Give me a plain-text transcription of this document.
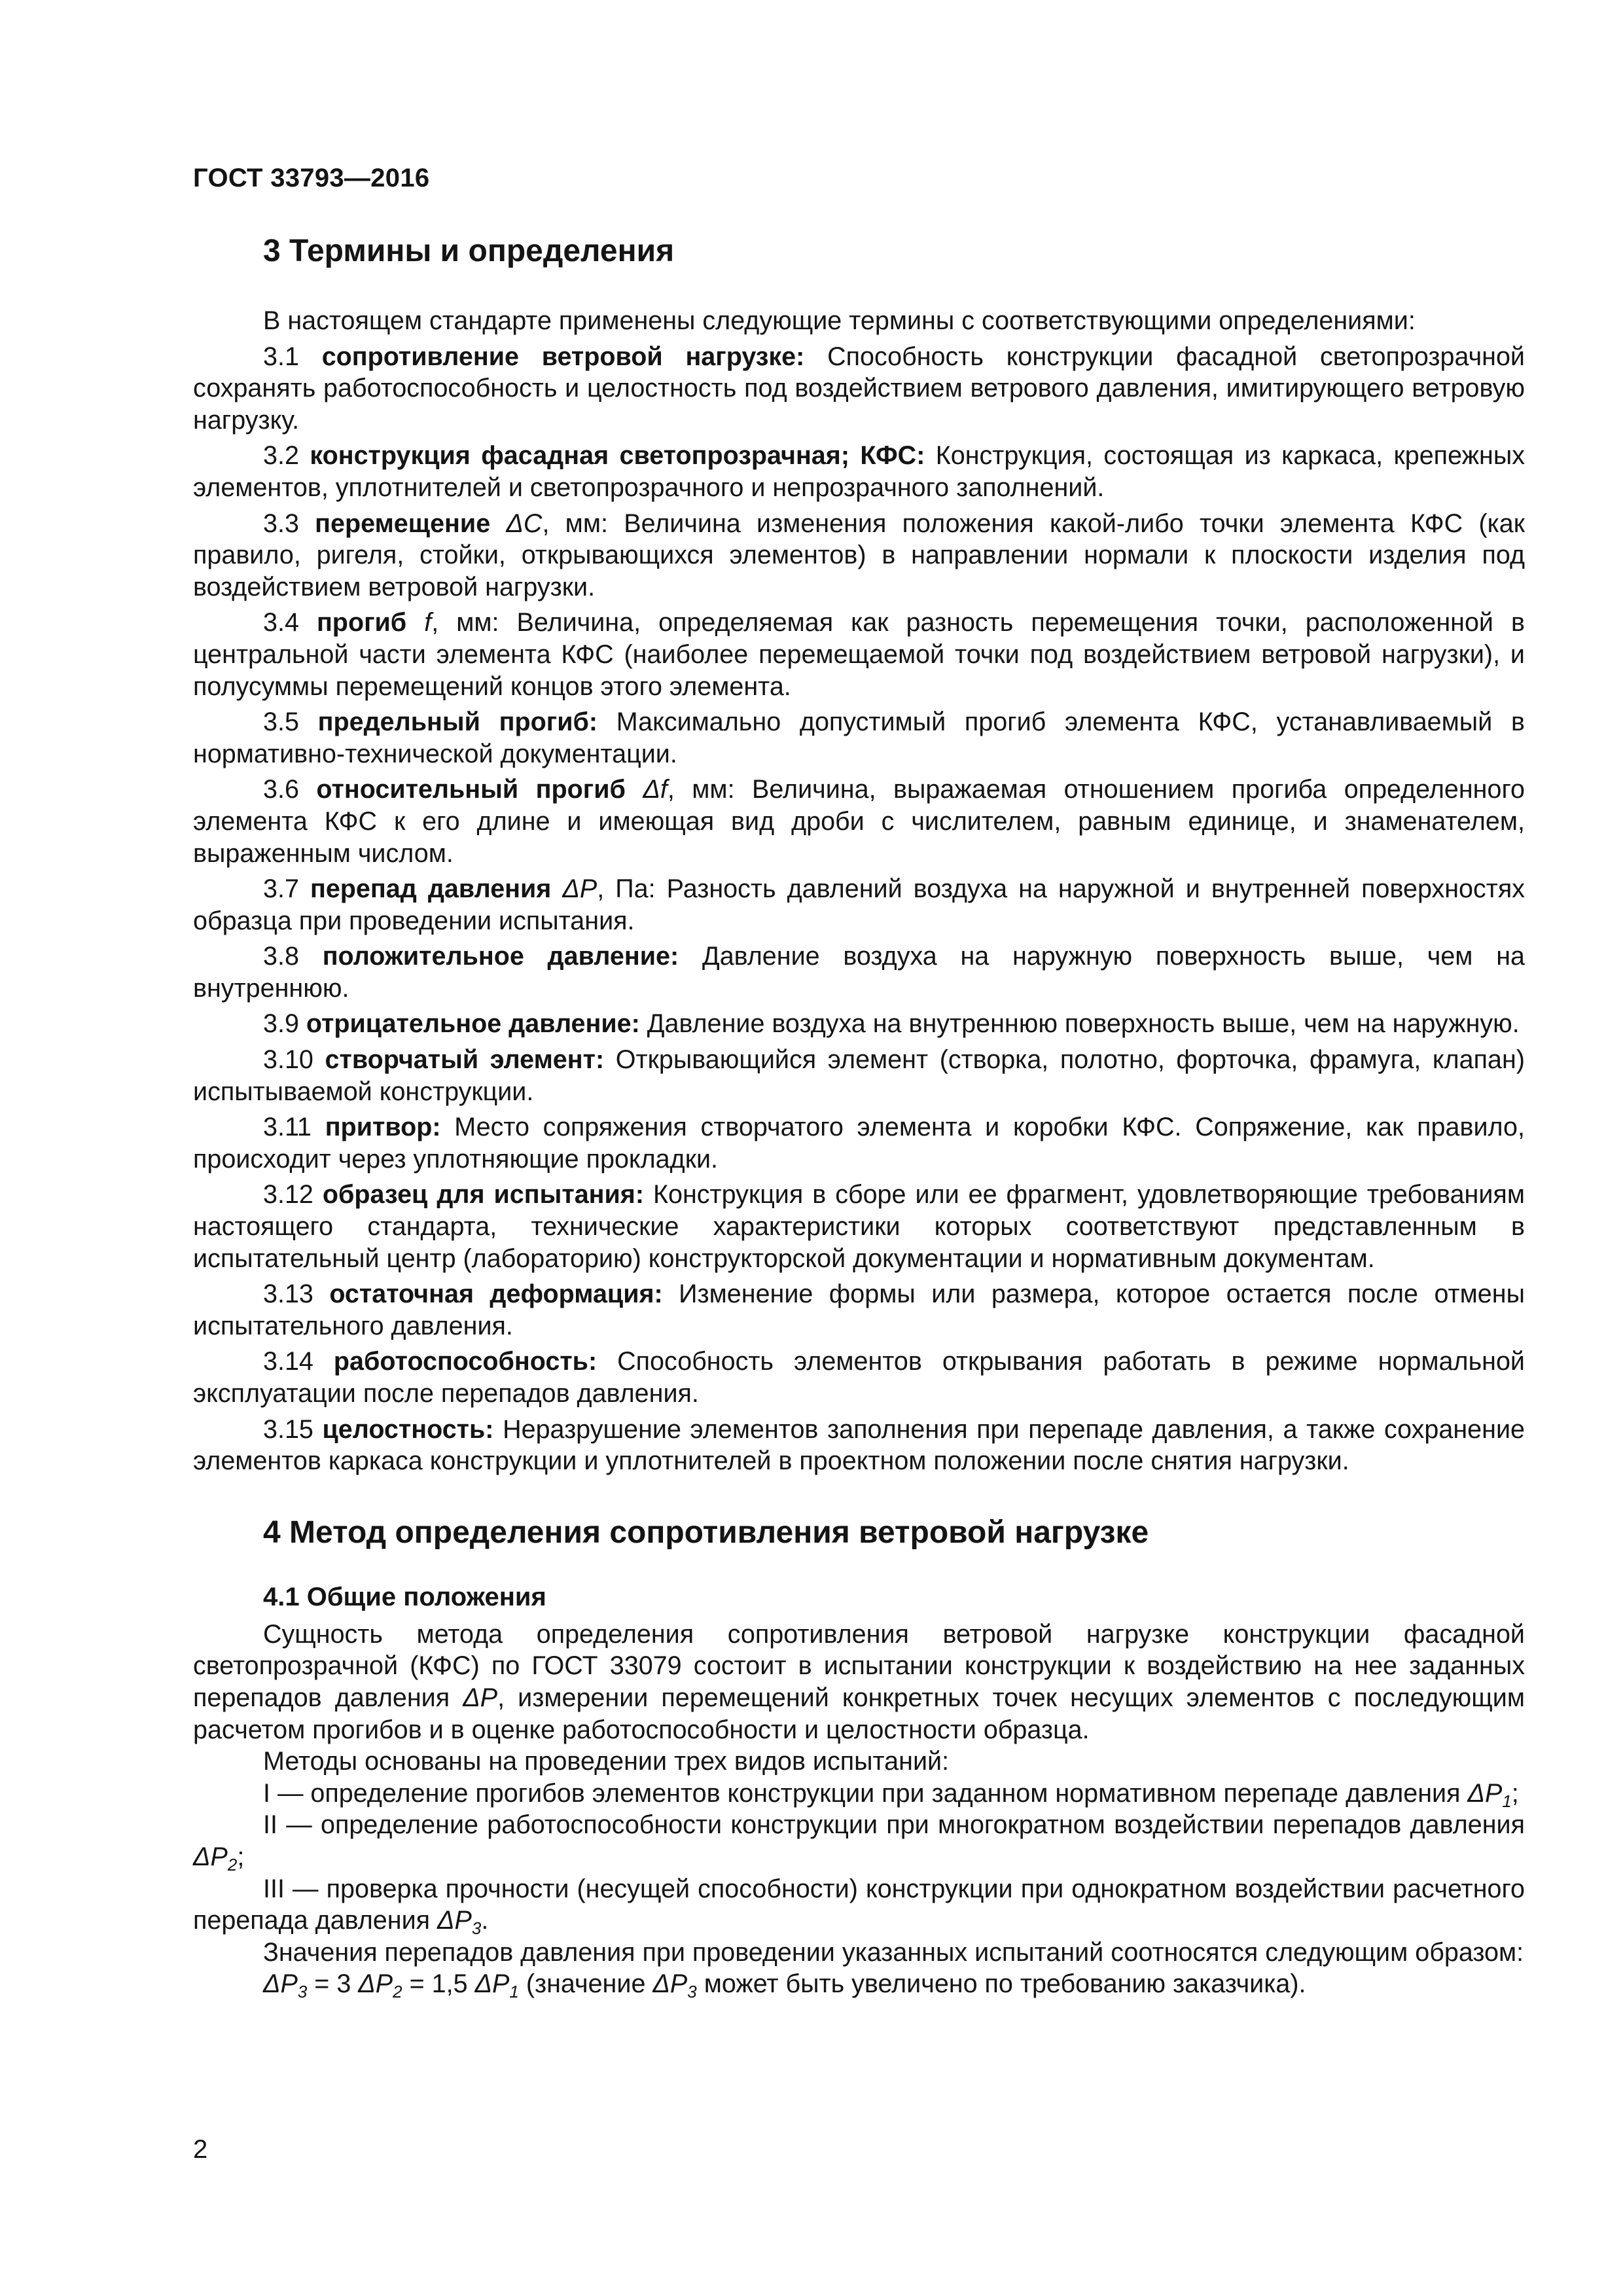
ГОСТ 33793—2016
3 Термины и определения

В настоящем стандарте применены следующие термины с соответствующими определениями:

3.1 сопротивление ветровой нагрузке: Способность конструкции фасадной светопрозрачной сохранять работоспособность и целостность под воздействием ветрового давления, имитирующего ветровую нагрузку.

3.2 конструкция фасадная светопрозрачная; КФС: Конструкция, состоящая из каркаса, крепежных элементов, уплотнителей и светопрозрачного и непрозрачного заполнений.

3.3 перемещение ΔC, мм: Величина изменения положения какой-либо точки элемента КФС (как правило, ригеля, стойки, открывающихся элементов) в направлении нормали к плоскости изделия под воздействием ветровой нагрузки.

3.4 прогиб f, мм: Величина, определяемая как разность перемещения точки, расположенной в центральной части элемента КФС (наиболее перемещаемой точки под воздействием ветровой нагрузки), и полусуммы перемещений концов этого элемента.

3.5 предельный прогиб: Максимально допустимый прогиб элемента КФС, устанавливаемый в нормативно-технической документации.

3.6 относительный прогиб Δf, мм: Величина, выражаемая отношением прогиба определенного элемента КФС к его длине и имеющая вид дроби с числителем, равным единице, и знаменателем, выраженным числом.

3.7 перепад давления ΔP, Па: Разность давлений воздуха на наружной и внутренней поверхностях образца при проведении испытания.

3.8 положительное давление: Давление воздуха на наружную поверхность выше, чем на внутреннюю.

3.9 отрицательное давление: Давление воздуха на внутреннюю поверхность выше, чем на наружную.

3.10 створчатый элемент: Открывающийся элемент (створка, полотно, форточка, фрамуга, клапан) испытываемой конструкции.

3.11 притвор: Место сопряжения створчатого элемента и коробки КФС. Сопряжение, как правило, происходит через уплотняющие прокладки.

3.12 образец для испытания: Конструкция в сборе или ее фрагмент, удовлетворяющие требованиям настоящего стандарта, технические характеристики которых соответствуют представленным в испытательный центр (лабораторию) конструкторской документации и нормативным документам.

3.13 остаточная деформация: Изменение формы или размера, которое остается после отмены испытательного давления.

3.14 работоспособность: Способность элементов открывания работать в режиме нормальной эксплуатации после перепадов давления.

3.15 целостность: Неразрушение элементов заполнения при перепаде давления, а также сохранение элементов каркаса конструкции и уплотнителей в проектном положении после снятия нагрузки.

4 Метод определения сопротивления ветровой нагрузке
4.1 Общие положения

Сущность метода определения сопротивления ветровой нагрузке конструкции фасадной светопрозрачной (КФС) по ГОСТ 33079 состоит в испытании конструкции к воздействию на нее заданных перепадов давления ΔP, измерении перемещений конкретных точек несущих элементов с последующим расчетом прогибов и в оценке работоспособности и целостности образца.

Методы основаны на проведении трех видов испытаний:

I — определение прогибов элементов конструкции при заданном нормативном перепаде давления $\Delta P_1$;

II — определение работоспособности конструкции при многократном воздействии перепадов давления $\Delta P_2$;

III — проверка прочности (несущей способности) конструкции при однократном воздействии расчетного перепада давления $\Delta P_3$.

Значения перепадов давления при проведении указанных испытаний соотносятся следующим образом:

$\Delta P_3 = 3$ $\Delta P_2 = 1,5$ $\Delta P_1$ (значение $\Delta P_3$ может быть увеличено по требованию заказчика).

2
